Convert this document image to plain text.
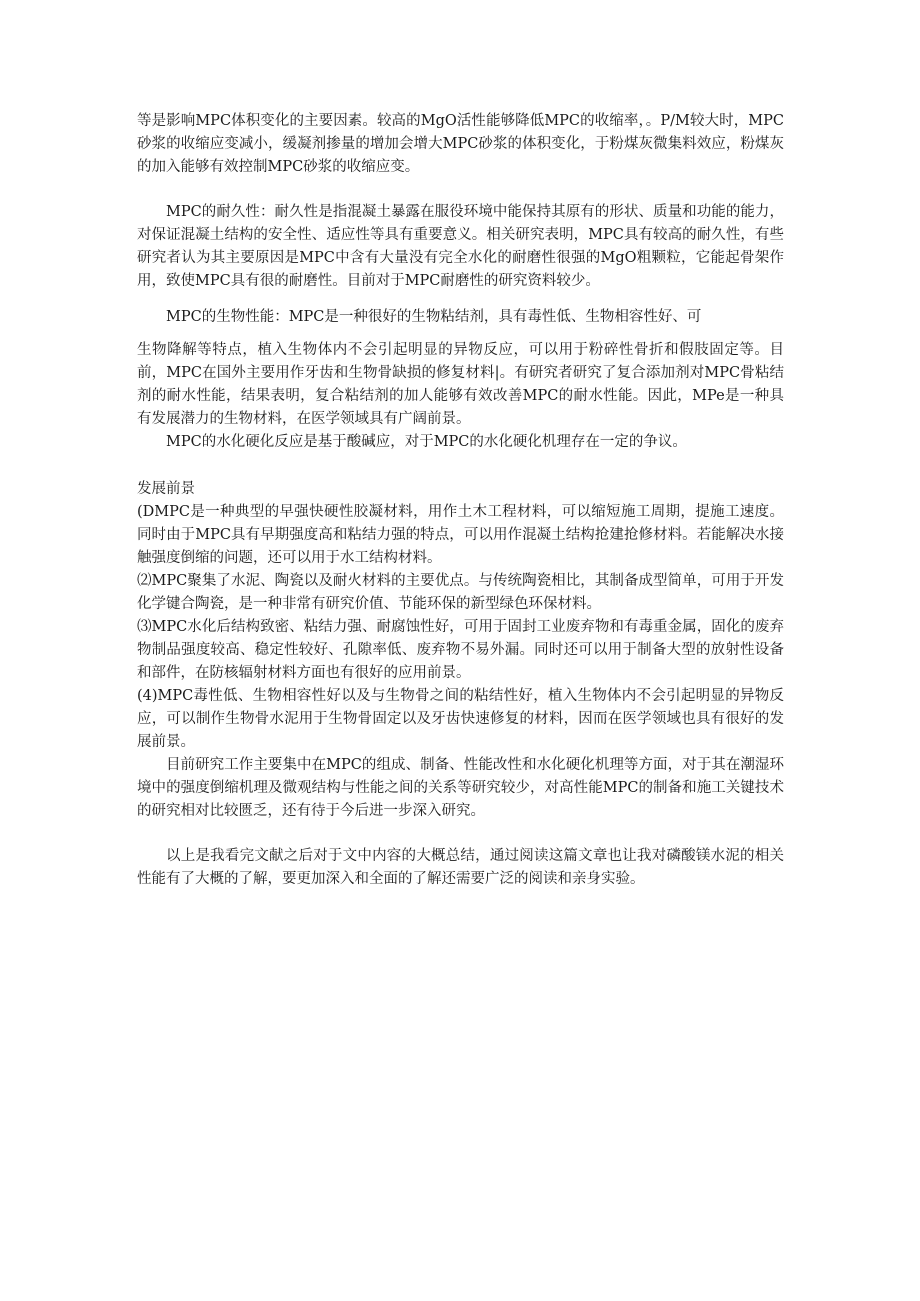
等是影响MPC体积变化的主要因素。较高的MgO活性能够降低MPC的收缩率，。P/M较大时，MPC砂浆的收缩应变减小，缓凝剂掺量的增加会增大MPC砂浆的体积变化，于粉煤灰微集料效应，粉煤灰的加入能够有效控制MPC砂浆的收缩应变。

MPC的耐久性：耐久性是指混凝土暴露在服役环境中能保持其原有的形状、质量和功能的能力，对保证混凝土结构的安全性、适应性等具有重要意义。相关研究表明，MPC具有较高的耐久性，有些研究者认为其主要原因是MPC中含有大量没有完全水化的耐磨性很强的MgO粗颗粒，它能起骨架作用，致使MPC具有很的耐磨性。目前对于MPC耐磨性的研究资料较少。

MPC的生物性能：MPC是一种很好的生物粘结剂，具有毒性低、生物相容性好、可

生物降解等特点，植入生物体内不会引起明显的异物反应，可以用于粉碎性骨折和假肢固定等。目前，MPC在国外主要用作牙齿和生物骨缺损的修复材料|。有研究者研究了复合添加剂对MPC骨粘结剂的耐水性能，结果表明，复合粘结剂的加人能够有效改善MPC的耐水性能。因此，MPe是一种具有发展潜力的生物材料，在医学领域具有广阔前景。

MPC的水化硬化反应是基于酸碱应，对于MPC的水化硬化机理存在一定的争议。

发展前景

(DMPC是一种典型的早强快硬性胶凝材料，用作土木工程材料，可以缩短施工周期，提施工速度。同时由于MPC具有早期强度高和粘结力强的特点，可以用作混凝土结构抢建抢修材料。若能解决水接触强度倒缩的问题，还可以用于水工结构材料。

⑵MPC聚集了水泥、陶瓷以及耐火材料的主要优点。与传统陶瓷相比，其制备成型简单，可用于开发化学键合陶瓷，是一种非常有研究价值、节能环保的新型绿色环保材料。

⑶MPC水化后结构致密、粘结力强、耐腐蚀性好，可用于固封工业废弃物和有毒重金属，固化的废弃物制品强度较高、稳定性较好、孔隙率低、废弃物不易外漏。同时还可以用于制备大型的放射性设备和部件，在防核辐射材料方面也有很好的应用前景。

(4)MPC毒性低、生物相容性好以及与生物骨之间的粘结性好，植入生物体内不会引起明显的异物反应，可以制作生物骨水泥用于生物骨固定以及牙齿快速修复的材料，因而在医学领域也具有很好的发展前景。

目前研究工作主要集中在MPC的组成、制备、性能改性和水化硬化机理等方面，对于其在潮湿环境中的强度倒缩机理及微观结构与性能之间的关系等研究较少，对高性能MPC的制备和施工关键技术的研究相对比较匮乏，还有待于今后进一步深入研究。

以上是我看完文献之后对于文中内容的大概总结，通过阅读这篇文章也让我对磷酸镁水泥的相关性能有了大概的了解，要更加深入和全面的了解还需要广泛的阅读和亲身实验。
